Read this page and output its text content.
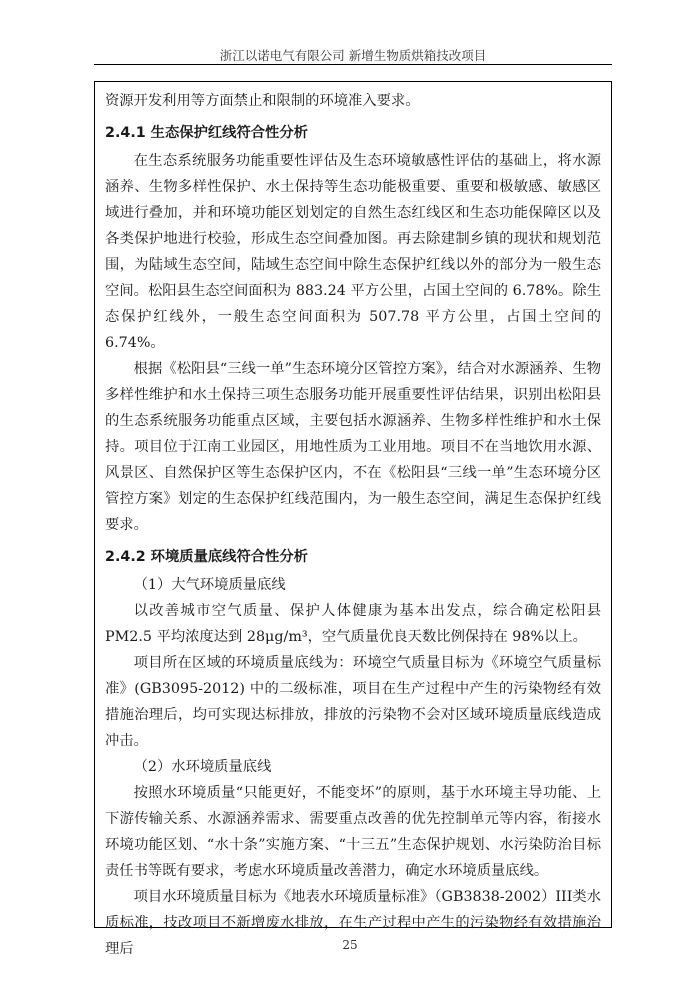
浙江以诺电气有限公司 新增生物质烘箱技改项目

资源开发利用等方面禁止和限制的环境准入要求。

2.4.1 生态保护红线符合性分析

在生态系统服务功能重要性评估及生态环境敏感性评估的基础上，将水源涵养、生物多样性保护、水土保持等生态功能极重要、重要和极敏感、敏感区域进行叠加，并和环境功能区划划定的自然生态红线区和生态功能保障区以及各类保护地进行校验，形成生态空间叠加图。再去除建制乡镇的现状和规划范围，为陆域生态空间，陆域生态空间中除生态保护红线以外的部分为一般生态空间。松阳县生态空间面积为 883.24 平方公里，占国土空间的 6.78%。除生态保护红线外，一般生态空间面积为 507.78 平方公里，占国土空间的 6.74%。

根据《松阳县“三线一单”生态环境分区管控方案》，结合对水源涵养、生物多样性维护和水土保持三项生态服务功能开展重要性评估结果，识别出松阳县的生态系统服务功能重点区域，主要包括水源涵养、生物多样性维护和水土保持。项目位于江南工业园区，用地性质为工业用地。项目不在当地饮用水源、风景区、自然保护区等生态保护区内，不在《松阳县“三线一单”生态环境分区管控方案》划定的生态保护红线范围内，为一般生态空间，满足生态保护红线要求。

2.4.2 环境质量底线符合性分析

（1）大气环境质量底线

以改善城市空气质量、保护人体健康为基本出发点，综合确定松阳县 PM2.5 平均浓度达到 28μg/m³，空气质量优良天数比例保持在 98%以上。

项目所在区域的环境质量底线为：环境空气质量目标为《环境空气质量标准》(GB3095-2012) 中的二级标准，项目在生产过程中产生的污染物经有效措施治理后，均可实现达标排放，排放的污染物不会对区域环境质量底线造成冲击。

（2）水环境质量底线

按照水环境质量“只能更好，不能变坏”的原则，基于水环境主导功能、上下游传输关系、水源涵养需求、需要重点改善的优先控制单元等内容，衔接水环境功能区划、“水十条”实施方案、“十三五”生态保护规划、水污染防治目标责任书等既有要求，考虑水环境质量改善潜力，确定水环境质量底线。

项目水环境质量目标为《地表水环境质量标准》（GB3838-2002）III类水质标准，技改项目不新增废水排放，在生产过程中产生的污染物经有效措施治理后	25
